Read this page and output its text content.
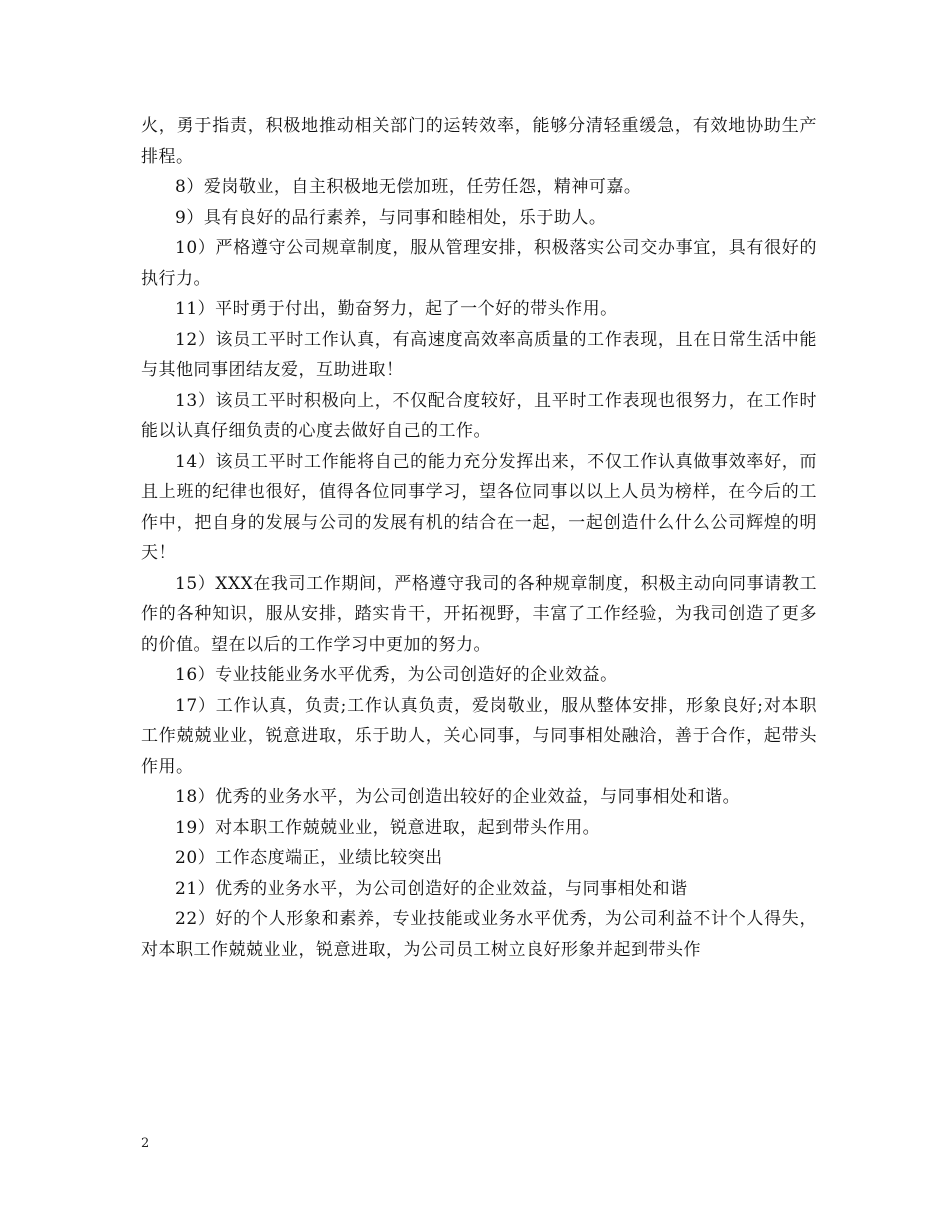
火，勇于指责，积极地推动相关部门的运转效率，能够分清轻重缓急，有效地协助生产排程。

8）爱岗敬业，自主积极地无偿加班，任劳任怨，精神可嘉。

9）具有良好的品行素养，与同事和睦相处，乐于助人。

10）严格遵守公司规章制度，服从管理安排，积极落实公司交办事宜，具有很好的执行力。

11）平时勇于付出，勤奋努力，起了一个好的带头作用。

12）该员工平时工作认真，有高速度高效率高质量的工作表现，且在日常生活中能与其他同事团结友爱，互助进取！

13）该员工平时积极向上，不仅配合度较好，且平时工作表现也很努力，在工作时能以认真仔细负责的心度去做好自己的工作。

14）该员工平时工作能将自己的能力充分发挥出来，不仅工作认真做事效率好，而且上班的纪律也很好，值得各位同事学习，望各位同事以以上人员为榜样，在今后的工作中，把自身的发展与公司的发展有机的结合在一起，一起创造什么什么公司辉煌的明天！

15）XXX在我司工作期间，严格遵守我司的各种规章制度，积极主动向同事请教工作的各种知识，服从安排，踏实肯干，开拓视野，丰富了工作经验，为我司创造了更多的价值。望在以后的工作学习中更加的努力。

16）专业技能业务水平优秀，为公司创造好的企业效益。

17）工作认真，负责;工作认真负责，爱岗敬业，服从整体安排，形象良好;对本职工作兢兢业业，锐意进取，乐于助人，关心同事，与同事相处融洽，善于合作，起带头作用。

18）优秀的业务水平，为公司创造出较好的企业效益，与同事相处和谐。

19）对本职工作兢兢业业，锐意进取，起到带头作用。

20）工作态度端正，业绩比较突出

21）优秀的业务水平，为公司创造好的企业效益，与同事相处和谐

22）好的个人形象和素养，专业技能或业务水平优秀，为公司利益不计个人得失，对本职工作兢兢业业，锐意进取，为公司员工树立良好形象并起到带头作

2
